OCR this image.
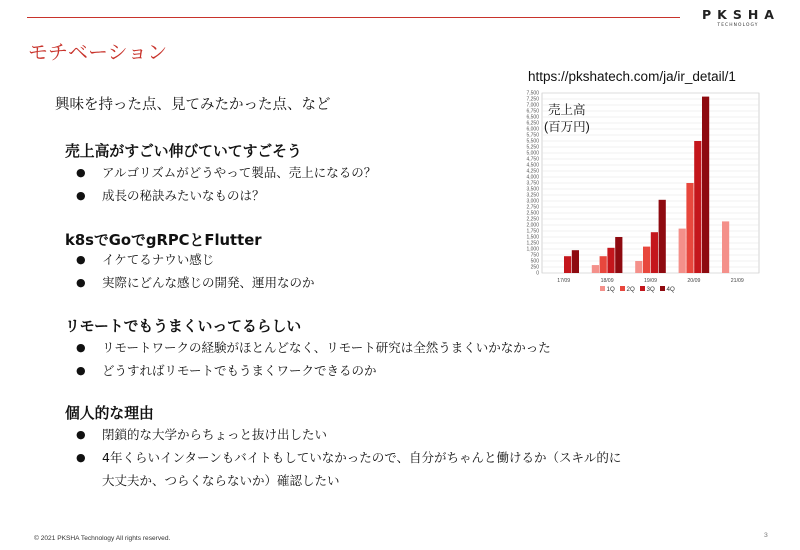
PKSHA
TECHNOLOGY
モチベーション
https://pkshatech.com/ja/ir_detail/1
興味を持った点、見てみたかった点、など
売上高がすごい伸びていてすごそう
● アルゴリズムがどうやって製品、売上になるの？
● 成長の秘訣みたいなものは？
k8sでGoでgRPCとFlutter
● イケてるナウい感じ
● 実際にどんな感じの開発、運用なのか
リモートでもうまくいってるらしい
● リモートワークの経験がほとんどなく、リモート研究は全然うまくいかなかった
● どうすればリモートでもうまくワークできるのか
個人的な理由
● 閉鎖的な大学からちょっと抜け出したい
● 4年くらいインターンもバイトもしていなかったので、自分がちゃんと働けるか（スキル的に
大丈夫か、つらくならないか）確認したい
0
250
500
750
1,000
1,250
1,500
1,750
2,000
2,250
2,500
2,750
3,000
3,250
3,500
3,750
4,000
4,250
4,500
4,750
5,000
5,250
5,500
5,750
6,000
6,250
6,500
6,750
7,000
7,250
7,500
17/09	18/09	19/09	20/09	21/09
売上高
(百万円)
1Q 2Q 3Q 4Q
© 2021 PKSHA Technology All rights reserved.	3
